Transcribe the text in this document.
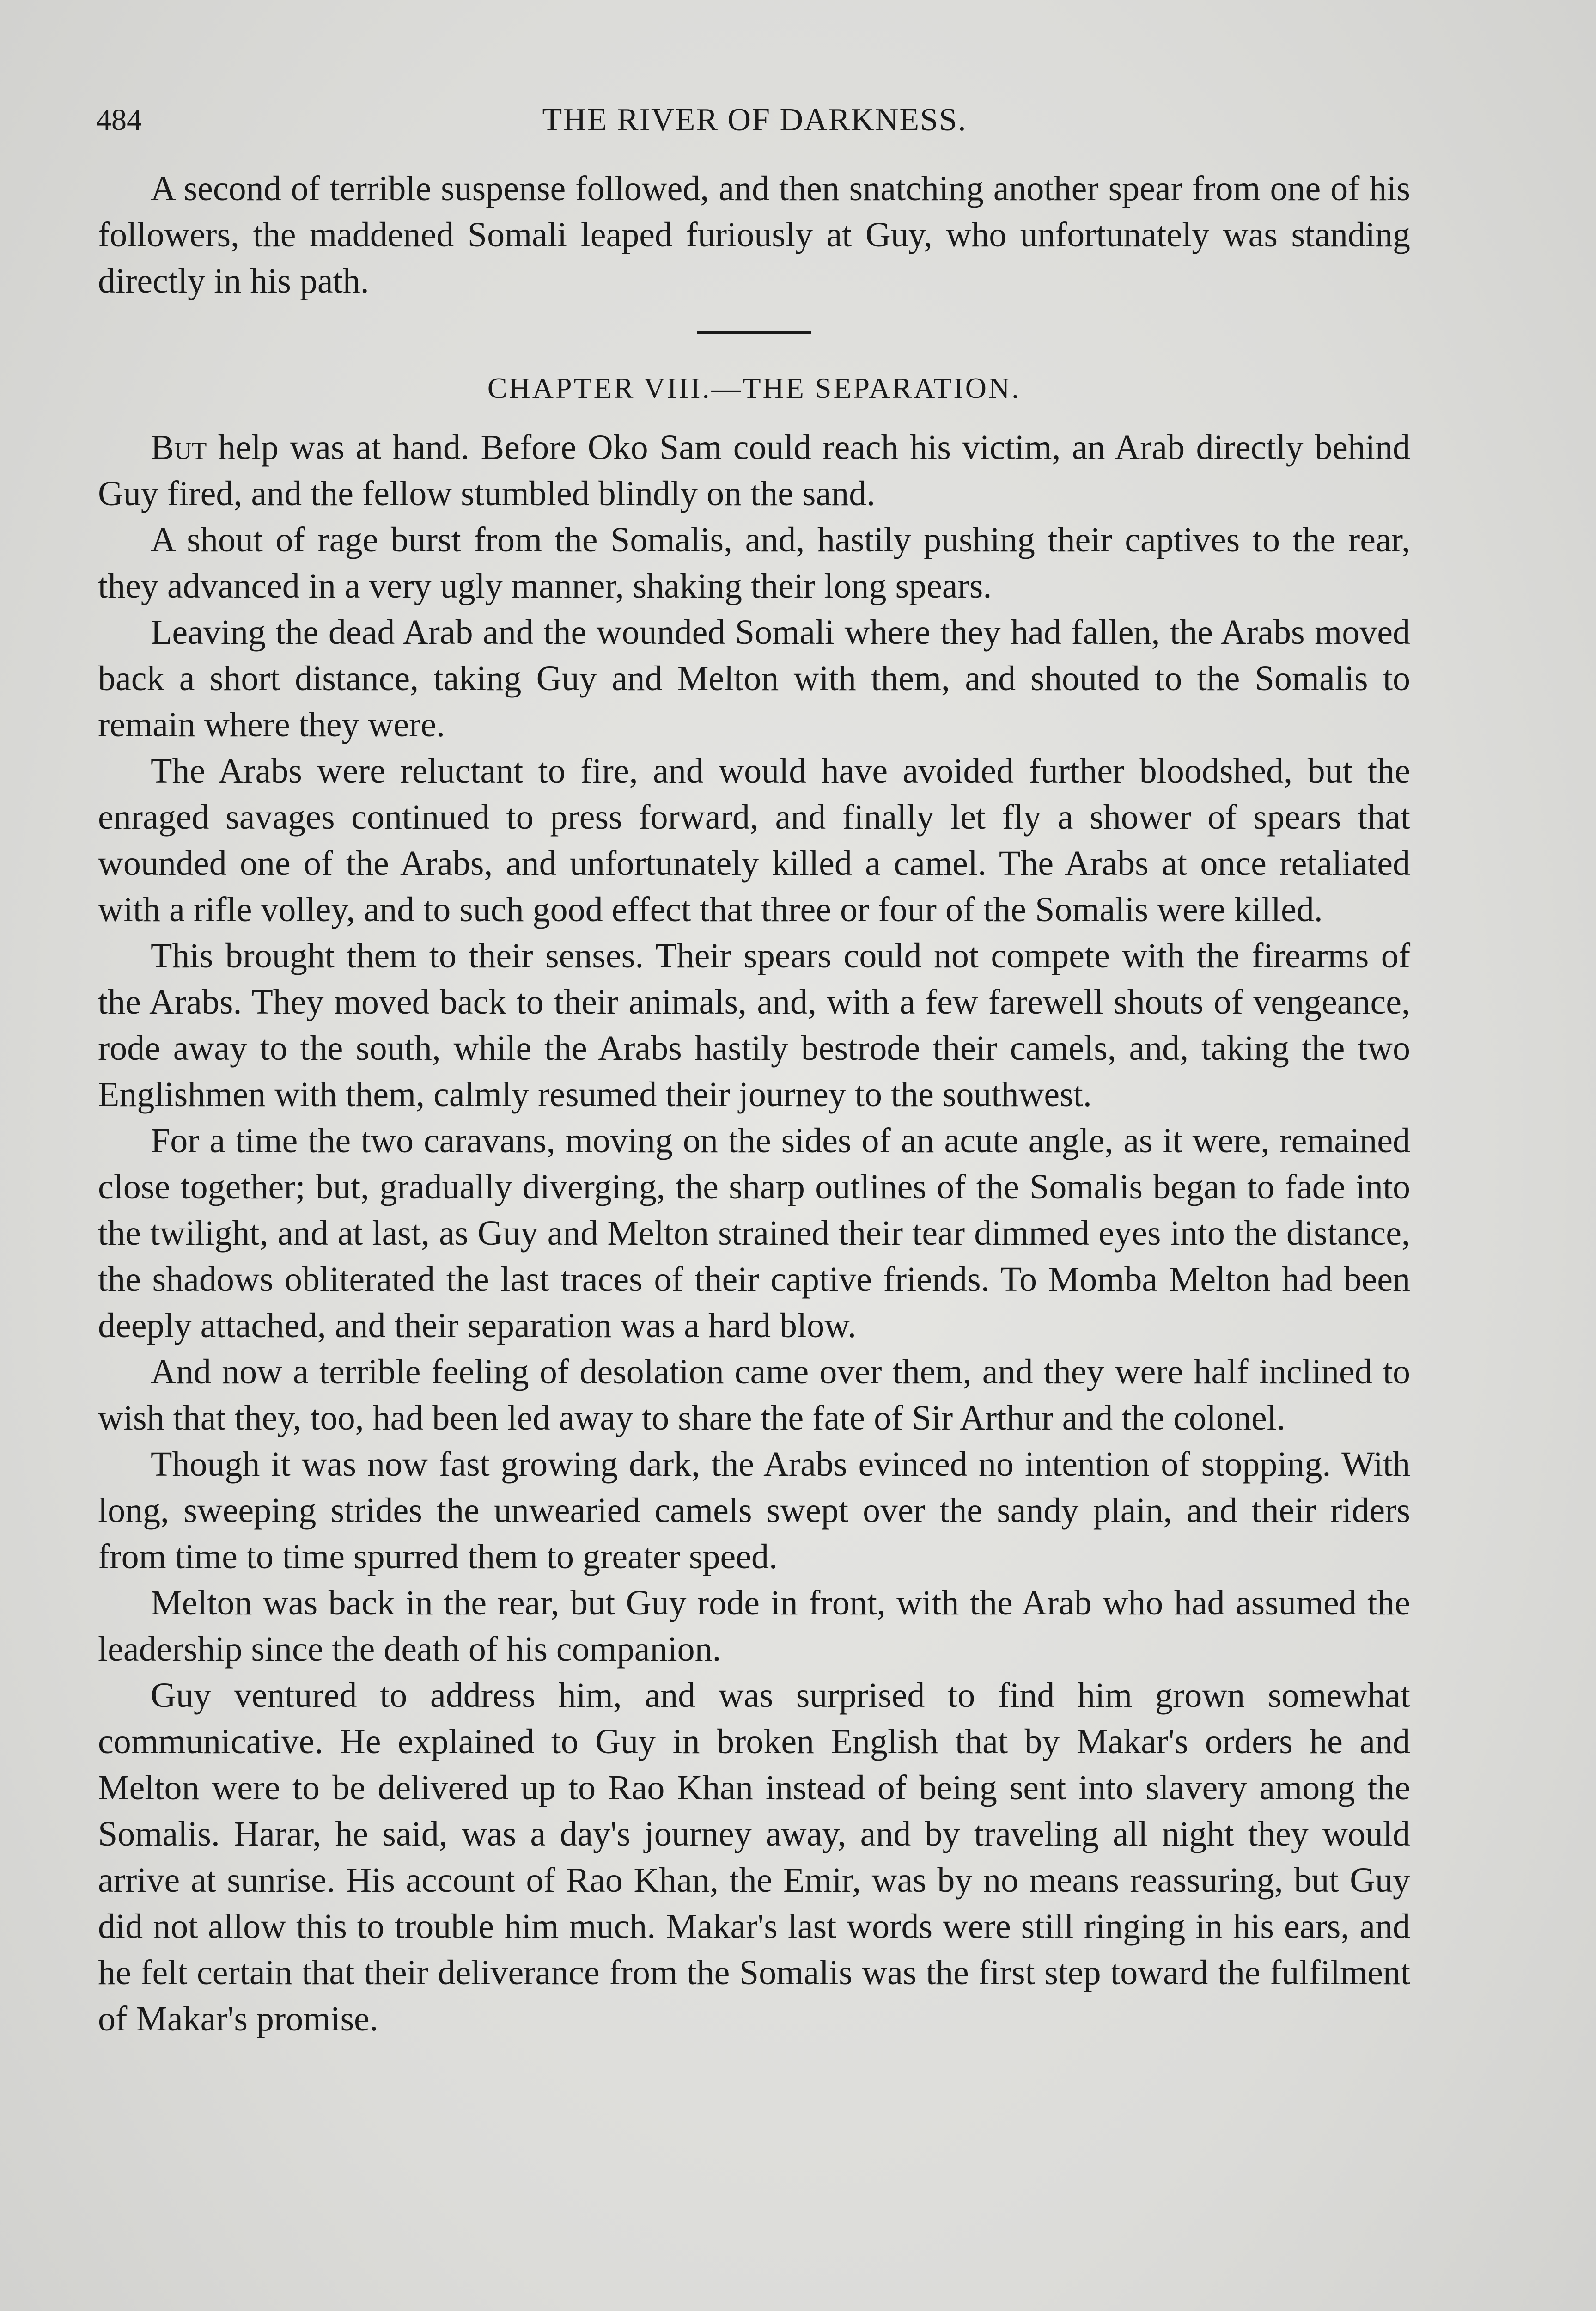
484	THE RIVER OF DARKNESS.

A second of terrible suspense followed, and then snatching another spear from one of his followers, the maddened Somali leaped furiously at Guy, who unfortunately was standing directly in his path.

CHAPTER VIII.—THE SEPARATION.

But help was at hand. Before Oko Sam could reach his victim, an Arab directly behind Guy fired, and the fellow stumbled blindly on the sand.

A shout of rage burst from the Somalis, and, hastily pushing their captives to the rear, they advanced in a very ugly manner, shaking their long spears.

Leaving the dead Arab and the wounded Somali where they had fallen, the Arabs moved back a short distance, taking Guy and Melton with them, and shouted to the Somalis to remain where they were.

The Arabs were reluctant to fire, and would have avoided further bloodshed, but the enraged savages continued to press forward, and finally let fly a shower of spears that wounded one of the Arabs, and unfortunately killed a camel. The Arabs at once retaliated with a rifle volley, and to such good effect that three or four of the Somalis were killed.

This brought them to their senses. Their spears could not compete with the firearms of the Arabs. They moved back to their animals, and, with a few farewell shouts of vengeance, rode away to the south, while the Arabs hastily bestrode their camels, and, taking the two Englishmen with them, calmly resumed their journey to the southwest.

For a time the two caravans, moving on the sides of an acute angle, as it were, remained close together; but, gradually diverging, the sharp outlines of the Somalis began to fade into the twilight, and at last, as Guy and Melton strained their tear dimmed eyes into the distance, the shadows obliterated the last traces of their captive friends. To Momba Melton had been deeply attached, and their separation was a hard blow.

And now a terrible feeling of desolation came over them, and they were half inclined to wish that they, too, had been led away to share the fate of Sir Arthur and the colonel.

Though it was now fast growing dark, the Arabs evinced no intention of stopping. With long, sweeping strides the unwearied camels swept over the sandy plain, and their riders from time to time spurred them to greater speed.

Melton was back in the rear, but Guy rode in front, with the Arab who had assumed the leadership since the death of his companion.

Guy ventured to address him, and was surprised to find him grown somewhat communicative. He explained to Guy in broken English that by Makar's orders he and Melton were to be delivered up to Rao Khan instead of being sent into slavery among the Somalis. Harar, he said, was a day's journey away, and by traveling all night they would arrive at sunrise. His account of Rao Khan, the Emir, was by no means reassuring, but Guy did not allow this to trouble him much. Makar's last words were still ringing in his ears, and he felt certain that their deliverance from the Somalis was the first step toward the fulfilment of Makar's promise.
